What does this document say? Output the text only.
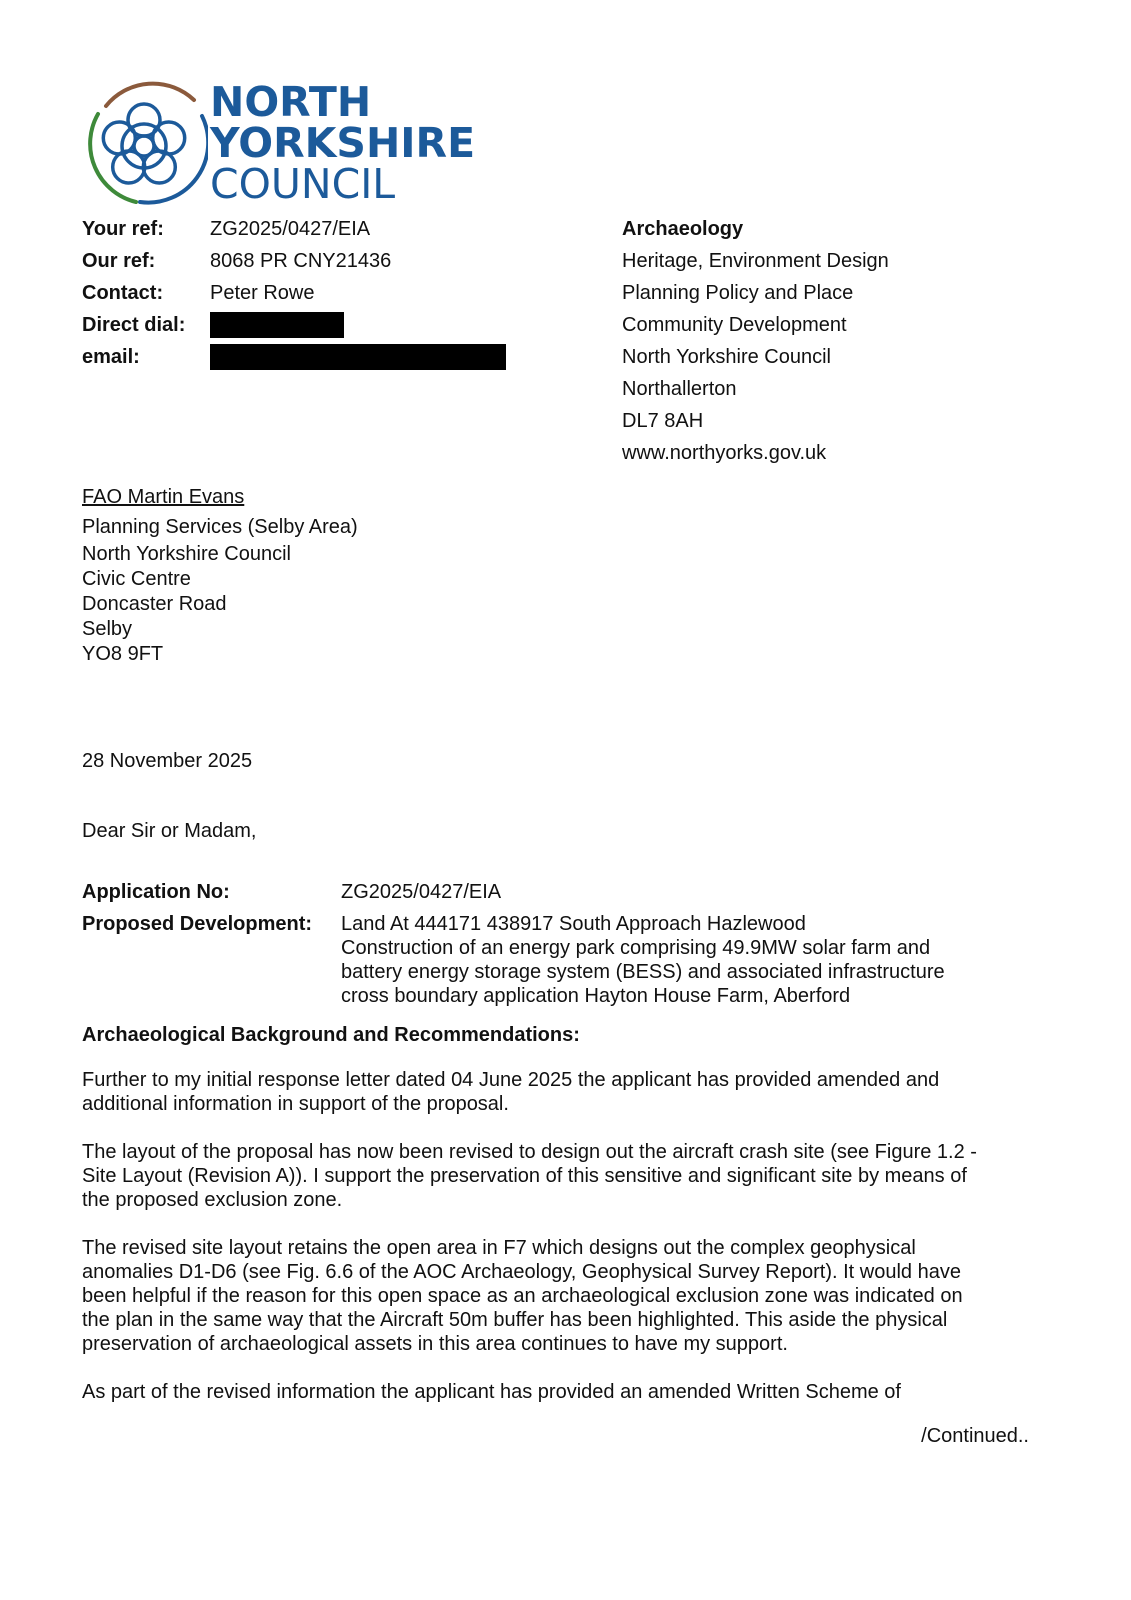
NORTH
YORKSHIRE
COUNCIL
Your ref:	ZG2025/0427/EIA
Our ref:	8068 PR CNY21436
Contact:	Peter Rowe
Direct dial:
email:
Archaeology
Heritage, Environment Design
Planning Policy and Place
Community Development
North Yorkshire Council
Northallerton
DL7 8AH
www.northyorks.gov.uk
FAO Martin Evans
Planning Services (Selby Area)
North Yorkshire Council
Civic Centre
Doncaster Road
Selby
YO8 9FT
28 November 2025
Dear Sir or Madam,
Application No:	ZG2025/0427/EIA
Proposed Development:	Land At 444171 438917 South Approach Hazlewood
Construction of an energy park comprising 49.9MW solar farm and
battery energy storage system (BESS) and associated infrastructure
cross boundary application Hayton House Farm, Aberford
Archaeological Background and Recommendations:
Further to my initial response letter dated 04 June 2025 the applicant has provided amended and
additional information in support of the proposal.
The layout of the proposal has now been revised to design out the aircraft crash site (see Figure 1.2 -
Site Layout (Revision A)). I support the preservation of this sensitive and significant site by means of
the proposed exclusion zone.
The revised site layout retains the open area in F7 which designs out the complex geophysical
anomalies D1-D6 (see Fig. 6.6 of the AOC Archaeology, Geophysical Survey Report). It would have
been helpful if the reason for this open space as an archaeological exclusion zone was indicated on
the plan in the same way that the Aircraft 50m buffer has been highlighted. This aside the physical
preservation of archaeological assets in this area continues to have my support.
As part of the revised information the applicant has provided an amended Written Scheme of
/Continued..
